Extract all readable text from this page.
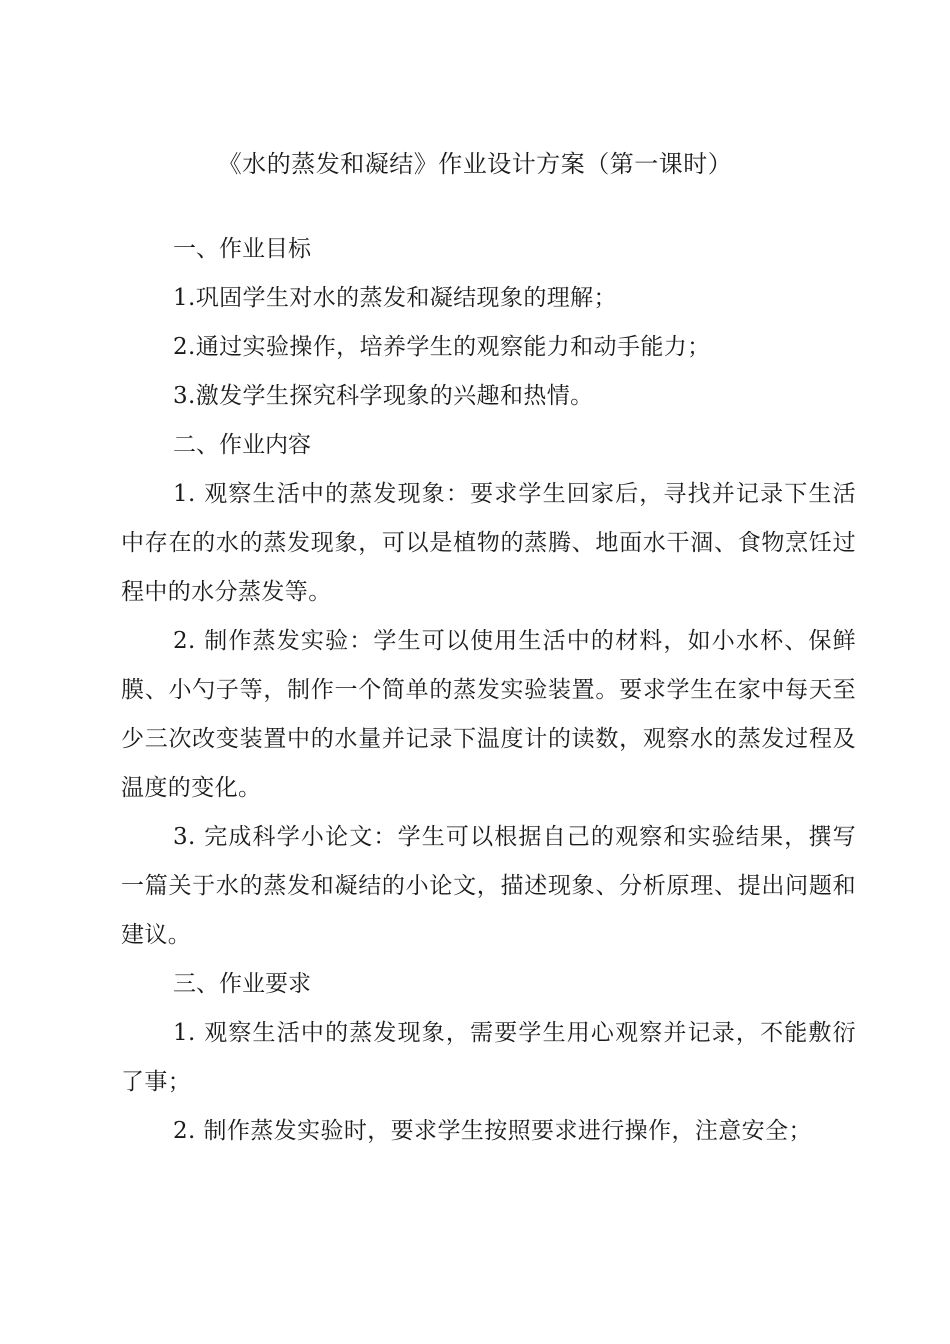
《水的蒸发和凝结》作业设计方案（第一课时）

一、作业目标

1.巩固学生对水的蒸发和凝结现象的理解；

2.通过实验操作，培养学生的观察能力和动手能力；

3.激发学生探究科学现象的兴趣和热情。

二、作业内容

1. 观察生活中的蒸发现象：要求学生回家后，寻找并记录下生活中存在的水的蒸发现象，可以是植物的蒸腾、地面水干涸、食物烹饪过程中的水分蒸发等。

2. 制作蒸发实验：学生可以使用生活中的材料，如小水杯、保鲜膜、小勺子等，制作一个简单的蒸发实验装置。要求学生在家中每天至少三次改变装置中的水量并记录下温度计的读数，观察水的蒸发过程及温度的变化。

3. 完成科学小论文：学生可以根据自己的观察和实验结果，撰写一篇关于水的蒸发和凝结的小论文，描述现象、分析原理、提出问题和建议。

三、作业要求

1. 观察生活中的蒸发现象，需要学生用心观察并记录，不能敷衍了事；

2. 制作蒸发实验时，要求学生按照要求进行操作，注意安全；
